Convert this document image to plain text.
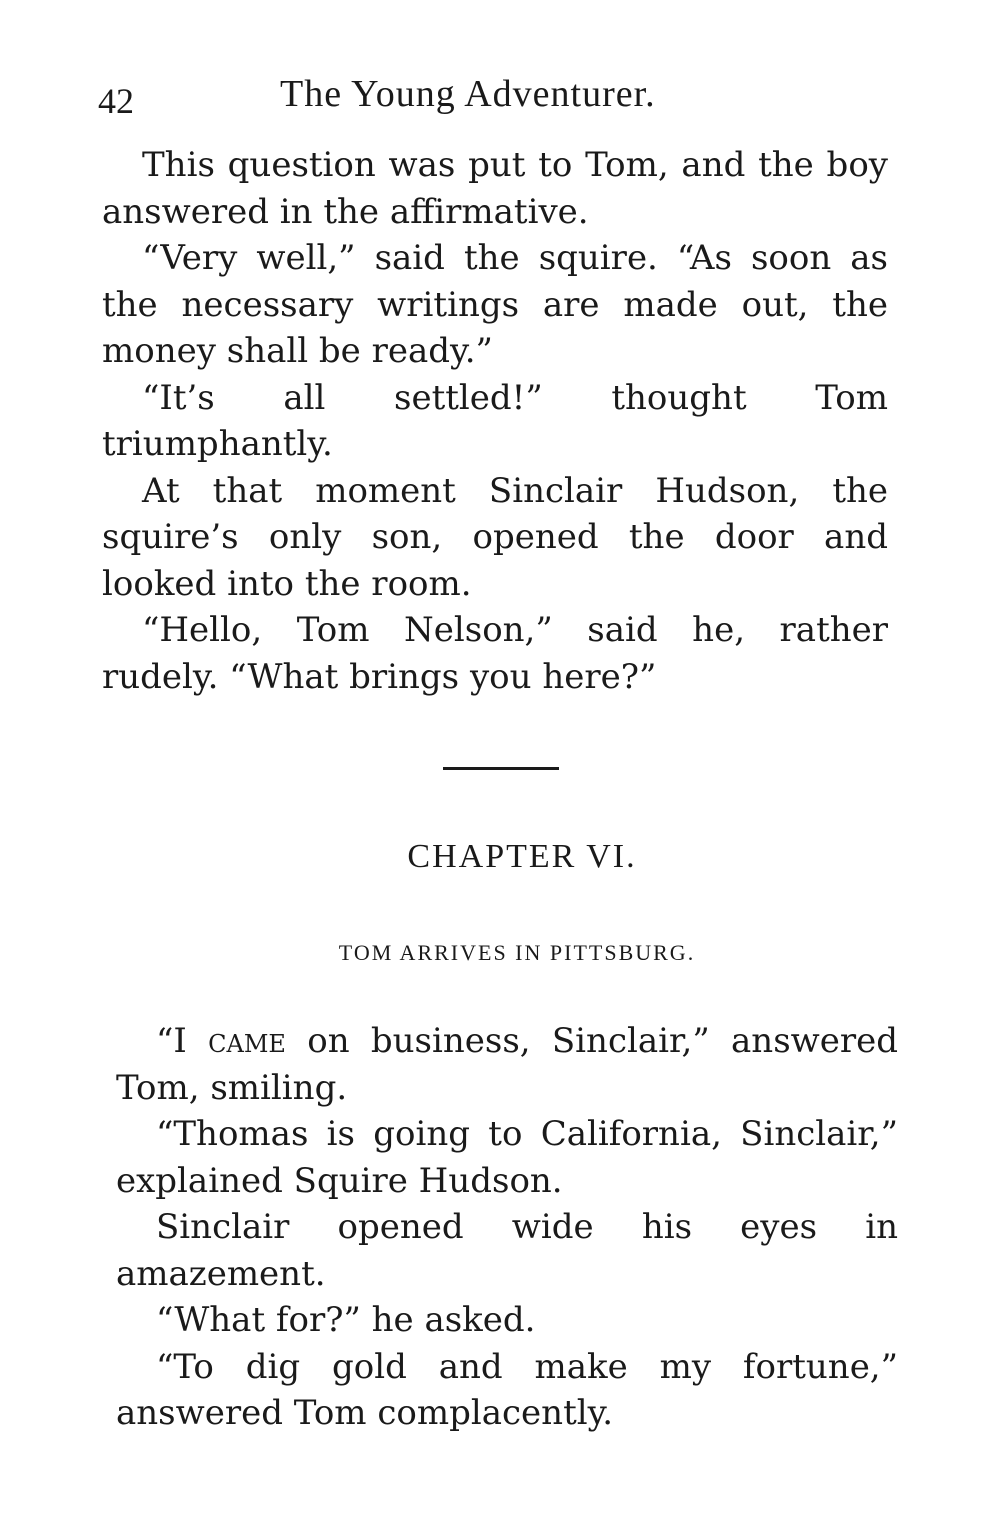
42	The Young Adventurer.

This question was put to Tom, and the boy answered in the affirmative.

“Very well,” said the squire. “As soon as the necessary writings are made out, the money shall be ready.”

“It’s all settled!” thought Tom triumphantly.

At that moment Sinclair Hudson, the squire’s only son, opened the door and looked into the room.

“Hello, Tom Nelson,” said he, rather rudely. “What brings you here?”

CHAPTER VI.
TOM ARRIVES IN PITTSBURG.

“I came on business, Sinclair,” answered Tom, smiling.

“Thomas is going to California, Sinclair,” explained Squire Hudson.

Sinclair opened wide his eyes in amazement.

“What for?” he asked.

“To dig gold and make my fortune,” answered Tom complacently.
